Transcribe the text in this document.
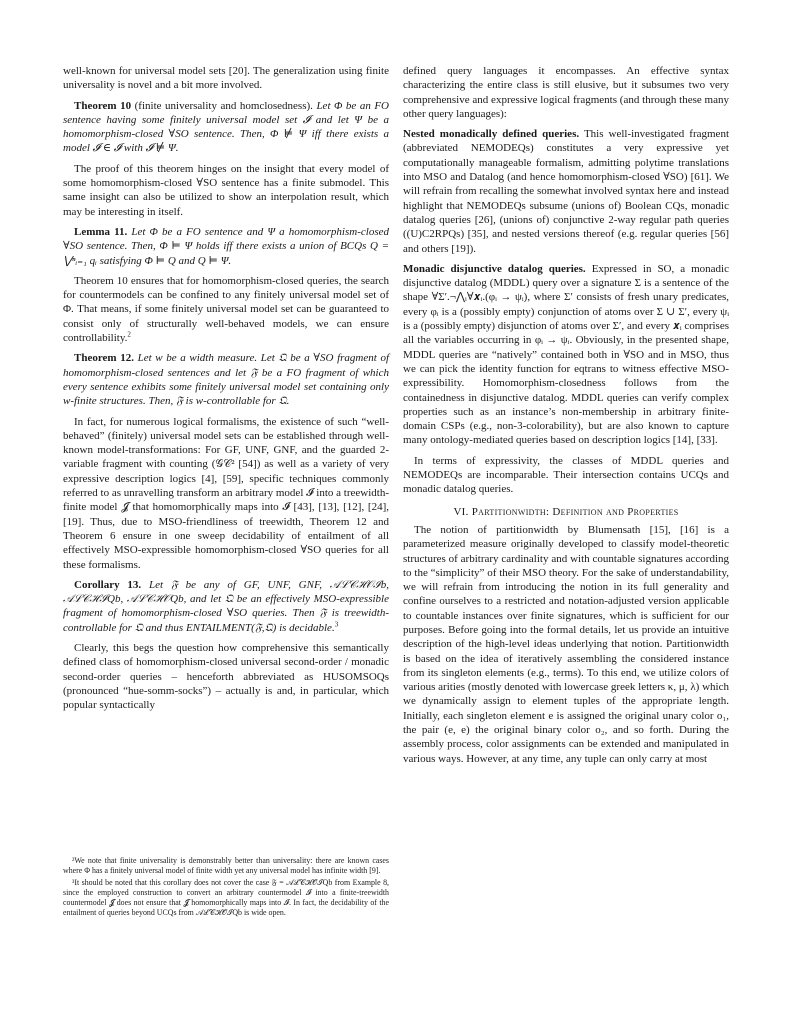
well-known for universal model sets [20]. The generalization using finite universality is novel and a bit more involved.

Theorem 10 (finite universality and homclosedness). Let Φ be an FO sentence having some finitely universal model set 𝓘 and let Ψ be a homomorphism-closed ∀SO sentence. Then, Φ ⊭ Ψ iff there exists a model 𝓘 ∈ 𝓘 with 𝓘 ⊭ Ψ.

The proof of this theorem hinges on the insight that every model of some homomorphism-closed ∀SO sentence has a finite submodel. This same insight can also be utilized to show an interpolation result, which may be interesting in itself.

Lemma 11. Let Φ be a FO sentence and Ψ a homomorphism-closed ∀SO sentence. Then, Φ ⊨ Ψ holds iff there exists a union of BCQs Q = ⋁ⁿᵢ₌₁ qᵢ satisfying Φ ⊨ Q and Q ⊨ Ψ.

Theorem 10 ensures that for homomorphism-closed queries, the search for countermodels can be confined to any finitely universal model set of Φ. That means, if some finitely universal model set can be guaranteed to consist only of structurally well-behaved models, we can ensure controllability.$^2$

Theorem 12. Let w be a width measure. Let 𝔔 be a ∀SO fragment of homomorphism-closed sentences and let 𝔉 be a FO fragment of which every sentence exhibits some finitely universal model set containing only w-finite structures. Then, 𝔉 is w-controllable for 𝔔.

In fact, for numerous logical formalisms, the existence of such “well-behaved” (finitely) universal model sets can be established through well-known model-transformations: For GF, UNF, GNF, and the guarded 2-variable fragment with counting (𝒢𝒞² [54]) as well as a variety of very expressive description logics [4], [59], specific techniques commonly referred to as unravelling transform an arbitrary model 𝓘 into a treewidth-finite model 𝓙 that homomorphically maps into 𝓘 [43], [13], [12], [24], [19]. Thus, due to MSO-friendliness of treewidth, Theorem 12 and Theorem 6 ensure in one sweep decidability of entailment of all effectively MSO-expressible homomorphism-closed ∀SO queries for all these formalisms.

Corollary 13. Let 𝔉 be any of GF, UNF, GNF, 𝒜ℒ𝒞ℋ𝒪ℐb, 𝒜ℒ𝒞ℋℐQb, 𝒜ℒ𝒞ℋ𝒪Qb, and let 𝔔 be an effectively MSO-expressible fragment of homomorphism-closed ∀SO queries. Then 𝔉 is treewidth-controllable for 𝔔 and thus ENTAILMENT(𝔉,𝔔) is decidable.$^3$

Clearly, this begs the question how comprehensive this semantically defined class of homomorphism-closed universal second-order / monadic second-order queries – henceforth abbreviated as HUSOMSOQs (pronounced “hue-somm-socks”) – actually is and, in particular, which popular syntactically

²We note that finite universality is demonstrably better than universality: there are known cases where Φ has a finitely universal model of finite width yet any universal model has infinite width [9].

³It should be noted that this corollary does not cover the case 𝔉 = 𝒜ℒ𝒞ℋ𝒪ℐQb from Example 8, since the employed construction to convert an arbitrary countermodel 𝓘 into a finite-treewidth countermodel 𝓙 does not ensure that 𝓙 homomorphically maps into 𝓘. In fact, the decidability of the entailment of queries beyond UCQs from 𝒜ℒ𝒞ℋ𝒪ℐQb is wide open.

defined query languages it encompasses. An effective syntax characterizing the entire class is still elusive, but it subsumes two very comprehensive and expressive logical fragments (and through these many other query languages):

Nested monadically defined queries. This well-investigated fragment (abbreviated NEMODEQs) constitutes a very expressive yet computationally manageable formalism, admitting polytime translations into MSO and Datalog (and hence homomorphism-closed ∀SO) [61]. We will refrain from recalling the somewhat involved syntax here and instead highlight that NEMODEQs subsume (unions of) Boolean CQs, monadic datalog queries [26], (unions of) conjunctive 2-way regular path queries ((U)C2RPQs) [35], and nested versions thereof (e.g. regular queries [56] and others [19]).

Monadic disjunctive datalog queries. Expressed in SO, a monadic disjunctive datalog (MDDL) query over a signature Σ is a sentence of the shape ∀Σ′.¬⋀ᵢ∀𝒙ᵢ.(φᵢ → ψᵢ), where Σ′ consists of fresh unary predicates, every φᵢ is a (possibly empty) conjunction of atoms over Σ ∪ Σ′, every ψᵢ is a (possibly empty) disjunction of atoms over Σ′, and every 𝒙ᵢ comprises all the variables occurring in φᵢ → ψᵢ. Obviously, in the presented shape, MDDL queries are “natively” contained both in ∀SO and in MSO, thus we can pick the identity function for eqtrans to witness effective MSO-expressibility. Homomorphism-closedness follows from the containedness in disjunctive datalog. MDDL queries can verify complex properties such as an instance’s non-membership in arbitrary finite-domain CSPs (e.g., non-3-colorability), but are also known to capture many ontology-mediated queries based on description logics [14], [33].

In terms of expressivity, the classes of MDDL queries and NEMODEQs are incomparable. Their intersection contains UCQs and monadic datalog queries.

VI. Partitionwidth: Definition and Properties

The notion of partitionwidth by Blumensath [15], [16] is a parameterized measure originally developed to classify model-theoretic structures of arbitrary cardinality and with countable signatures according to the “simplicity” of their MSO theory. For the sake of understandability, we will refrain from introducing the notion in its full generality and confine ourselves to a restricted and notation-adjusted version applicable to countable instances over finite signatures, which is sufficient for our purposes. Before going into the formal details, let us provide an intuitive description of the high-level ideas underlying that notion. Partitionwidth is based on the idea of iteratively assembling the considered instance from its singleton elements (e.g., terms). To this end, we utilize colors of various arities (mostly denoted with lowercase greek letters κ, μ, λ) which we dynamically assign to element tuples of the appropriate length. Initially, each singleton element e is assigned the original unary color o₁, the pair (e, e) the original binary color o₂, and so forth. During the assembly process, color assignments can be extended and manipulated in various ways. However, at any time, any tuple can only carry at most
